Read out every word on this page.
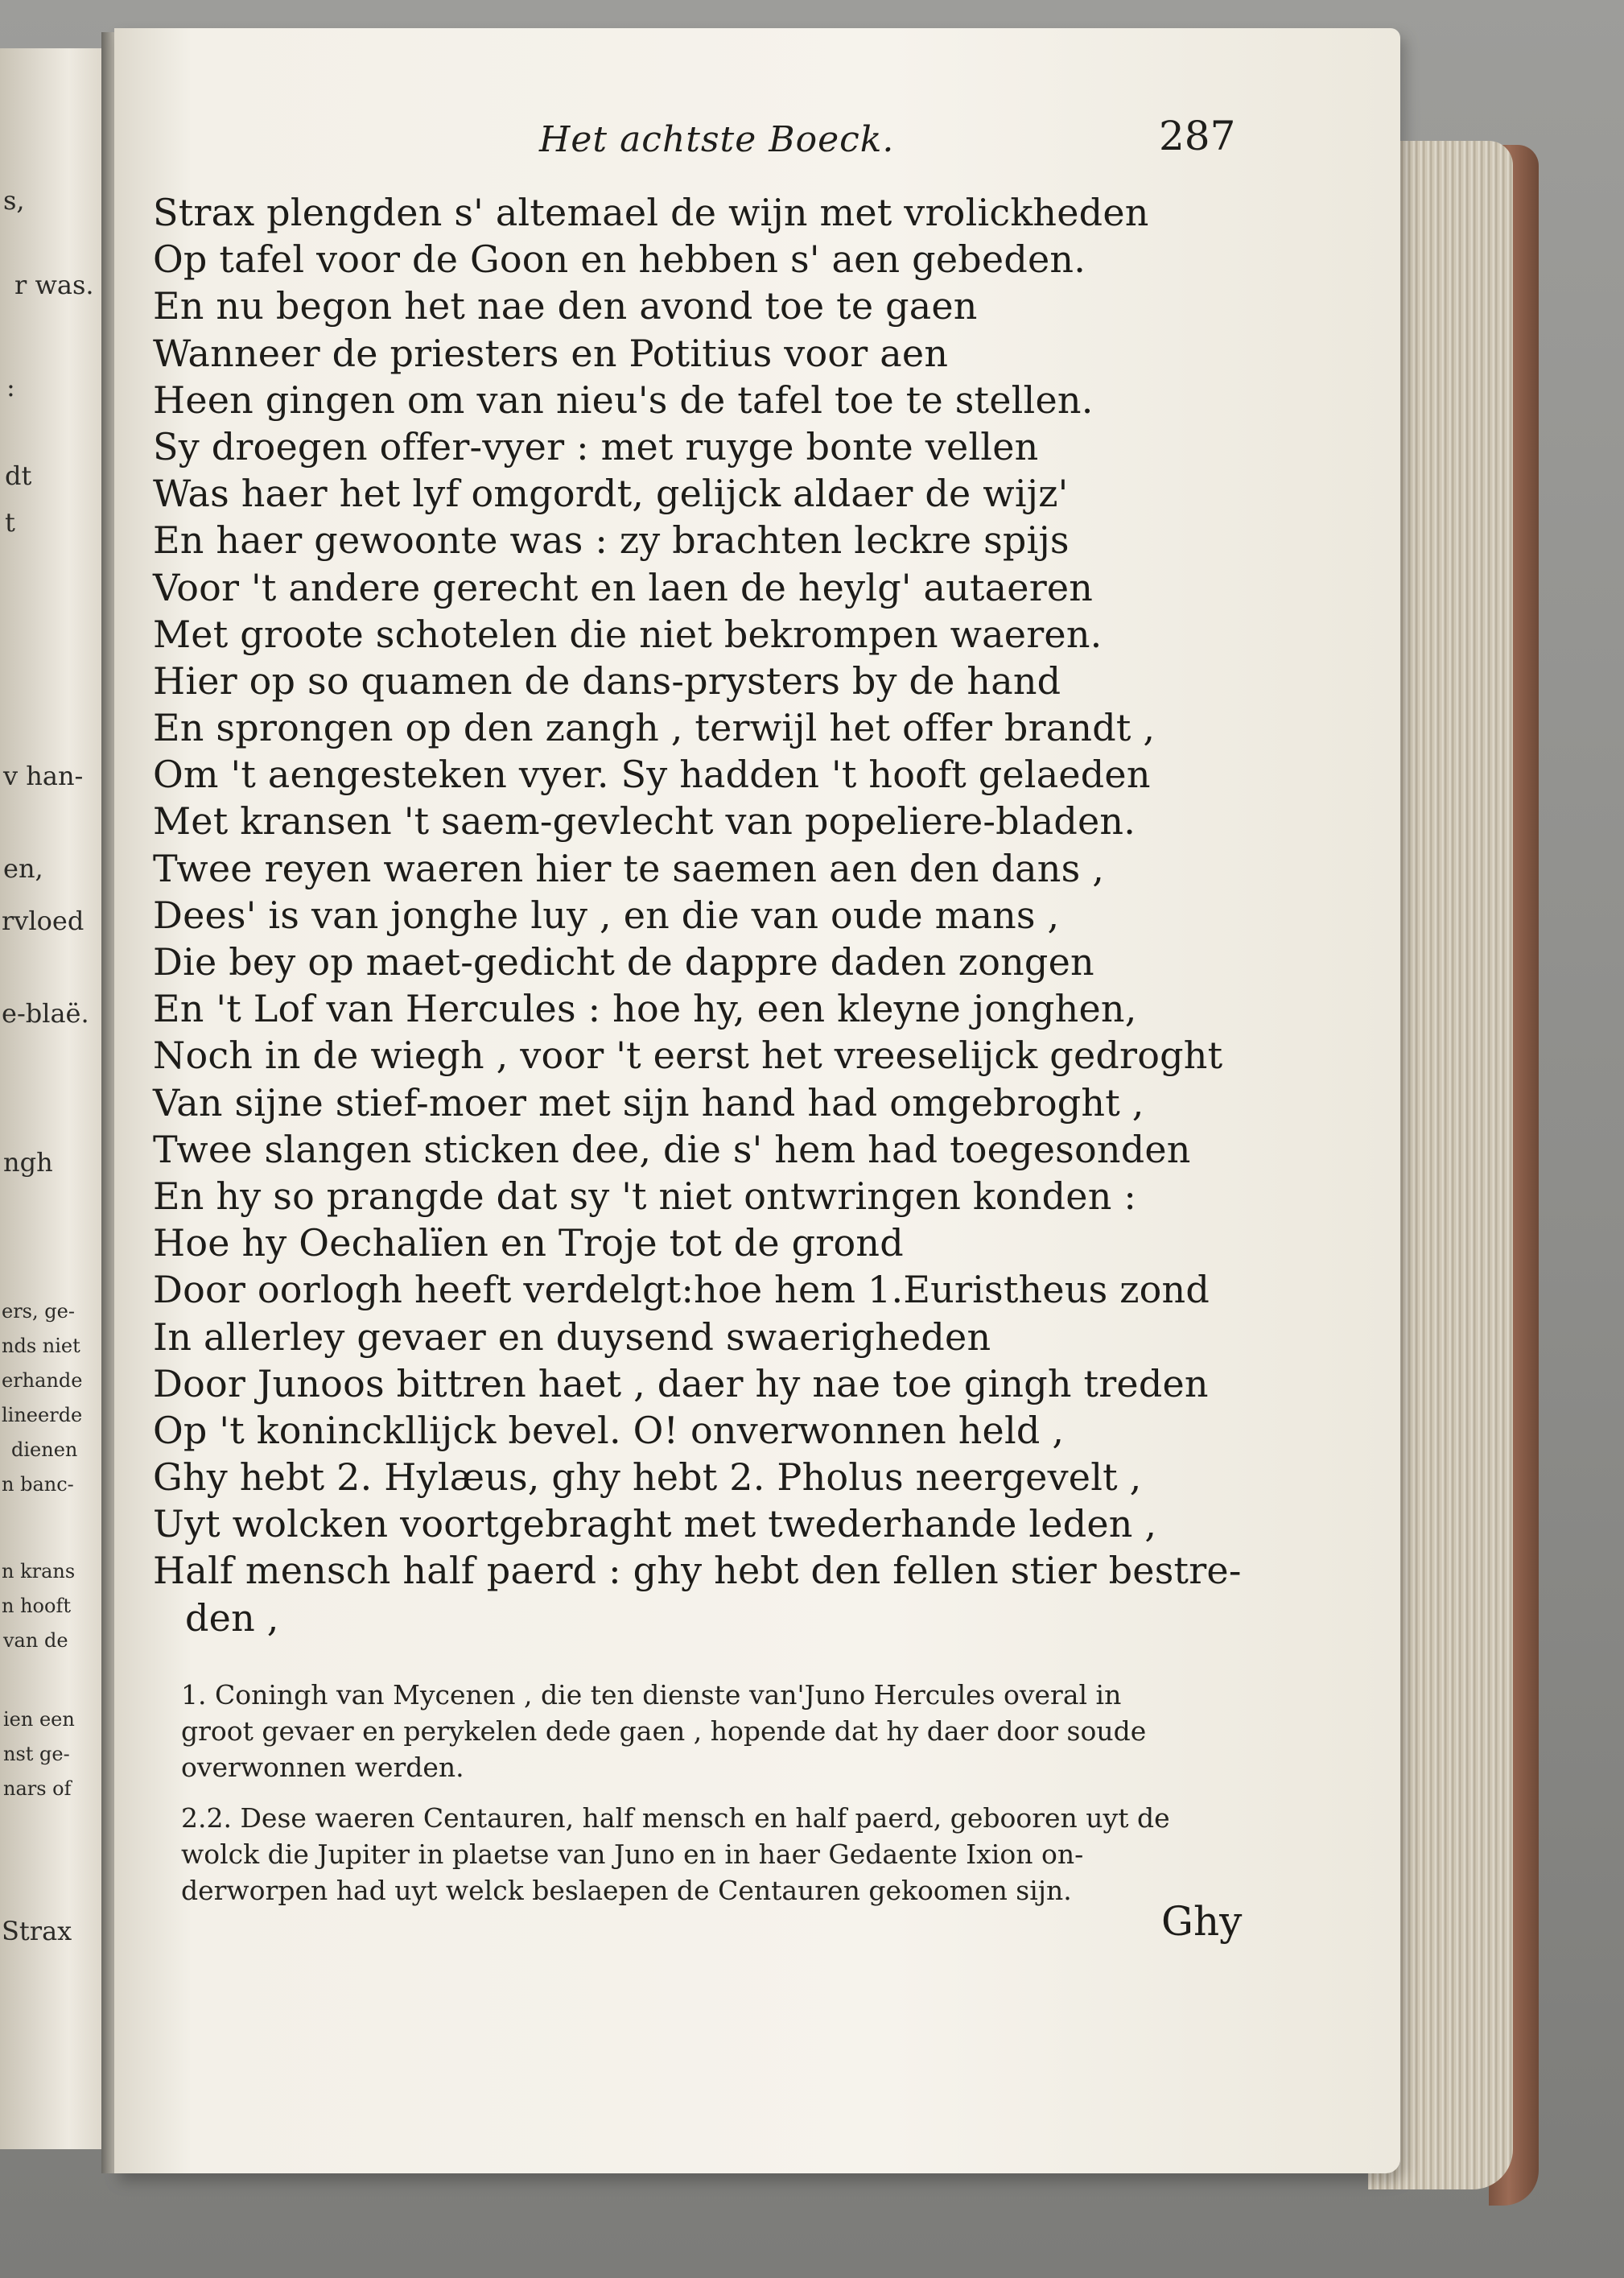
s,
r was.
:
dt
t
v han-
en,
rvloed
e-blaë.
ngh
ers, ge-
nds niet
erhande
lineerde
dienen
n banc-
n krans
n hooft
van de
ien een
nst ge-
nars of
Strax
Het achtste Boeck.	287
Strax plengden s' altemael de wijn met vrolickheden
Op tafel voor de Goon en hebben s' aen gebeden.
En nu begon het nae den avond toe te gaen
Wanneer de priesters en Potitius voor aen
Heen gingen om van nieu's de tafel toe te stellen.
Sy droegen offer-vyer : met ruyge bonte vellen
Was haer het lyf omgordt, gelijck aldaer de wijz'
En haer gewoonte was : zy brachten leckre spijs
Voor 't andere gerecht en laen de heylg' autaeren
Met groote schotelen die niet bekrompen waeren.
Hier op so quamen de dans-prysters by de hand
En sprongen op den zangh , terwijl het offer brandt ,
Om 't aengesteken vyer. Sy hadden 't hooft gelaeden
Met kransen 't saem-gevlecht van popeliere-bladen.
Twee reyen waeren hier te saemen aen den dans ,
Dees' is van jonghe luy , en die van oude mans ,
Die bey op maet-gedicht de dappre daden zongen
En 't Lof van Hercules : hoe hy, een kleyne jonghen,
Noch in de wiegh , voor 't eerst het vreeselijck gedroght
Van sijne stief-moer met sijn hand had omgebroght ,
Twee slangen sticken dee, die s' hem had toegesonden
En hy so prangde dat sy 't niet ontwringen konden :
Hoe hy Oechalïen en Troje tot de grond
Door oorlogh heeft verdelgt:hoe hem 1.Euristheus zond
In allerley gevaer en duysend swaerigheden
Door Junoos bittren haet , daer hy nae toe gingh treden
Op 't koninckllijck bevel. O! onverwonnen held ,
Ghy hebt 2. Hylæus, ghy hebt 2. Pholus neergevelt ,
Uyt wolcken voortgebraght met twederhande leden ,
Half mensch half paerd : ghy hebt den fellen stier bestre-
den ,
1. Coningh van Mycenen , die ten dienste van'Juno Hercules overal in
groot gevaer en perykelen dede gaen , hopende dat hy daer door soude
overwonnen werden.
2.2. Dese waeren Centauren, half mensch en half paerd, gebooren uyt de
wolck die Jupiter in plaetse van Juno en in haer Gedaente Ixion on-
derworpen had uyt welck beslaepen de Centauren gekoomen sijn.
Ghy
